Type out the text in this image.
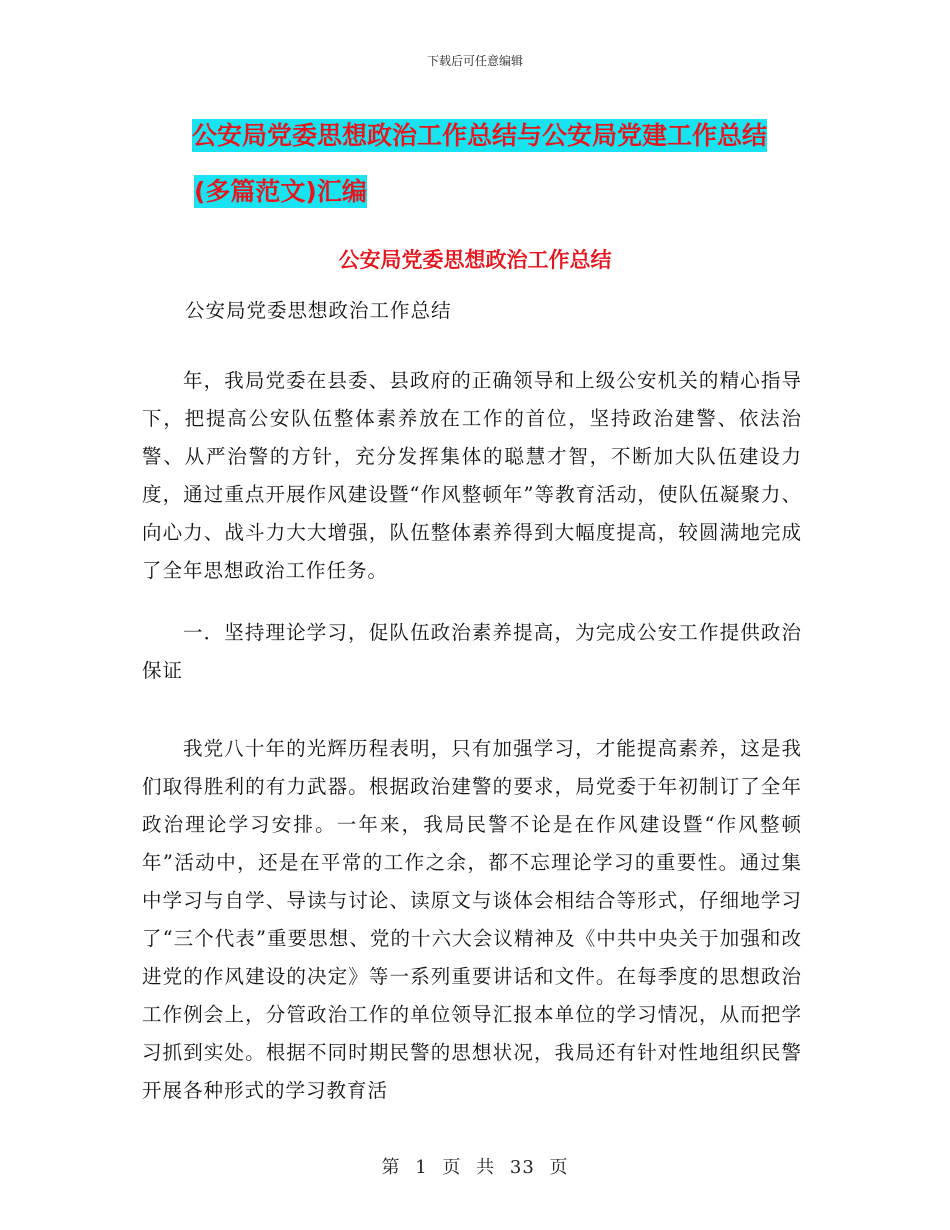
下载后可任意编辑
公安局党委思想政治工作总结与公安局党建工作总结
(多篇范文)汇编
公安局党委思想政治工作总结
公安局党委思想政治工作总结

年，我局党委在县委、县政府的正确领导和上级公安机关的精心指导下，把提高公安队伍整体素养放在工作的首位，坚持政治建警、依法治警、从严治警的方针，充分发挥集体的聪慧才智，不断加大队伍建设力度，通过重点开展作风建设暨“作风整顿年”等教育活动，使队伍凝聚力、向心力、战斗力大大增强，队伍整体素养得到大幅度提高，较圆满地完成了全年思想政治工作任务。

一．坚持理论学习，促队伍政治素养提高，为完成公安工作提供政治保证

我党八十年的光辉历程表明，只有加强学习，才能提高素养，这是我们取得胜利的有力武器。根据政治建警的要求，局党委于年初制订了全年政治理论学习安排。一年来，我局民警不论是在作风建设暨“作风整顿年”活动中，还是在平常的工作之余，都不忘理论学习的重要性。通过集中学习与自学、导读与讨论、读原文与谈体会相结合等形式，仔细地学习了“三个代表”重要思想、党的十六大会议精神及《中共中央关于加强和改进党的作风建设的决定》等一系列重要讲话和文件。在每季度的思想政治工作例会上，分管政治工作的单位领导汇报本单位的学习情况，从而把学习抓到实处。根据不同时期民警的思想状况，我局还有针对性地组织民警开展各种形式的学习教育活

第 1 页 共 33 页
